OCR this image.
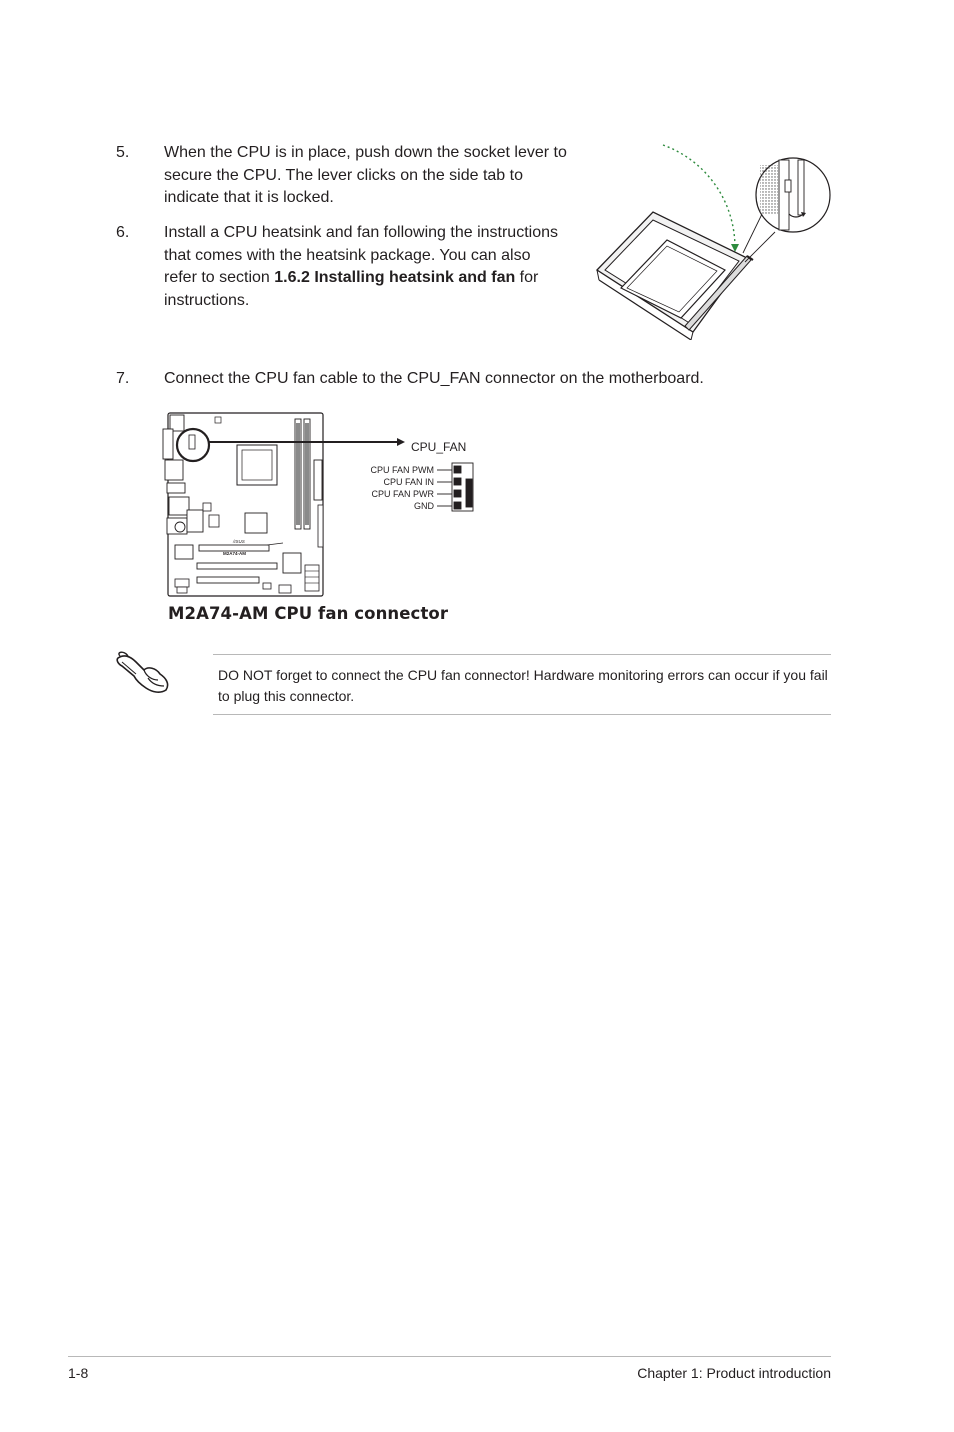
5. When the CPU is in place, push down the socket lever to secure the CPU. The lever clicks on the side tab to indicate that it is locked.
6. Install a CPU heatsink and fan following the instructions that comes with the heatsink package. You can also refer to section 1.6.2 Installing heatsink and fan for instructions.
7. Connect the CPU fan cable to the CPU_FAN connector on the motherboard.
/ISUS
M2A74-AM
CPU_FAN
CPU FAN PWM
CPU FAN IN
CPU FAN PWR
GND
M2A74-AM CPU fan connector
DO NOT forget to connect the CPU fan connector! Hardware monitoring errors can occur if you fail to plug this connector.
1-8	Chapter 1: Product introduction
